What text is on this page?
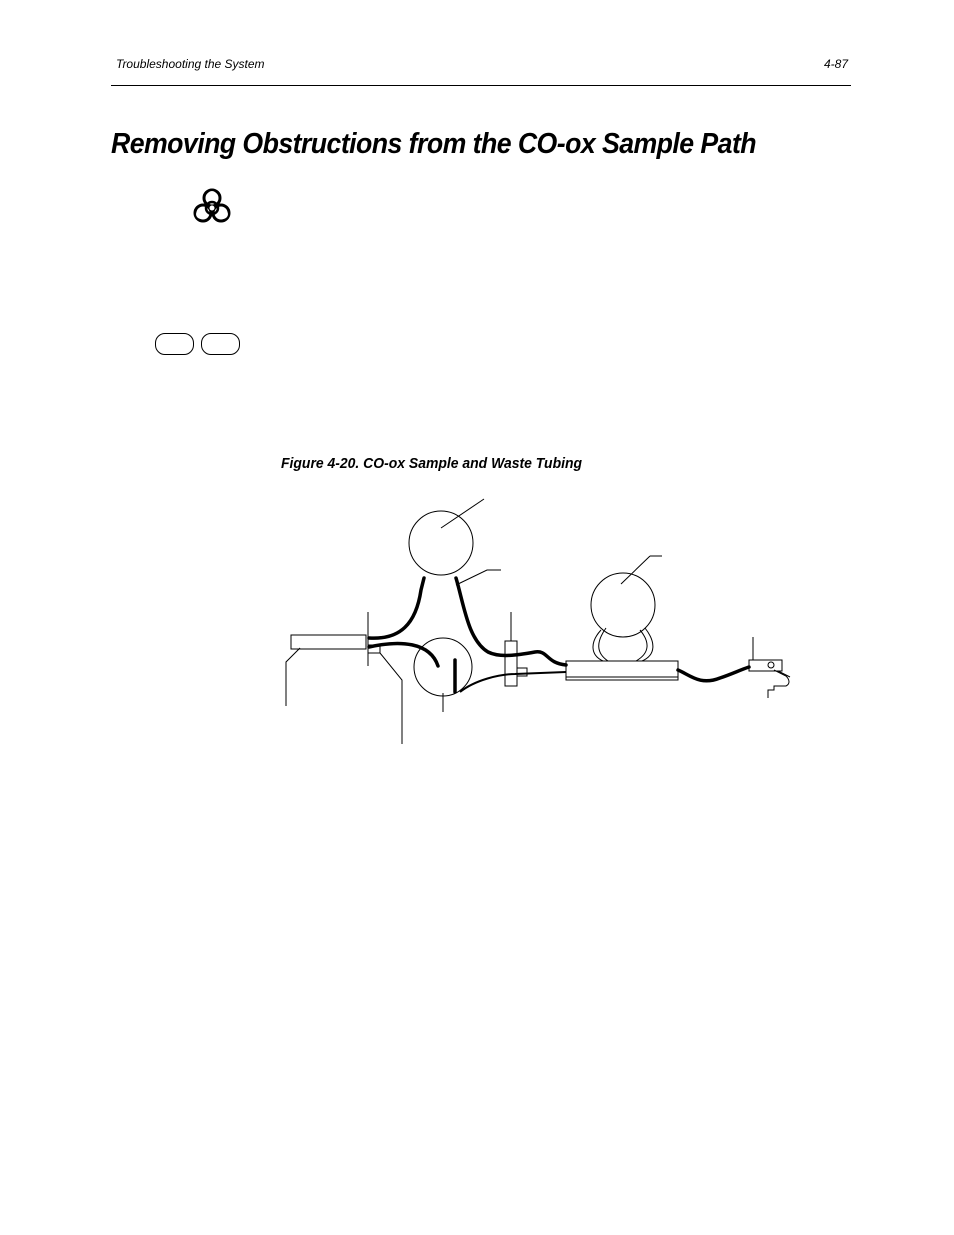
Troubleshooting the System	4-87
Removing Obstructions from the CO-ox Sample Path
Figure 4-20. CO-ox Sample and Waste Tubing
